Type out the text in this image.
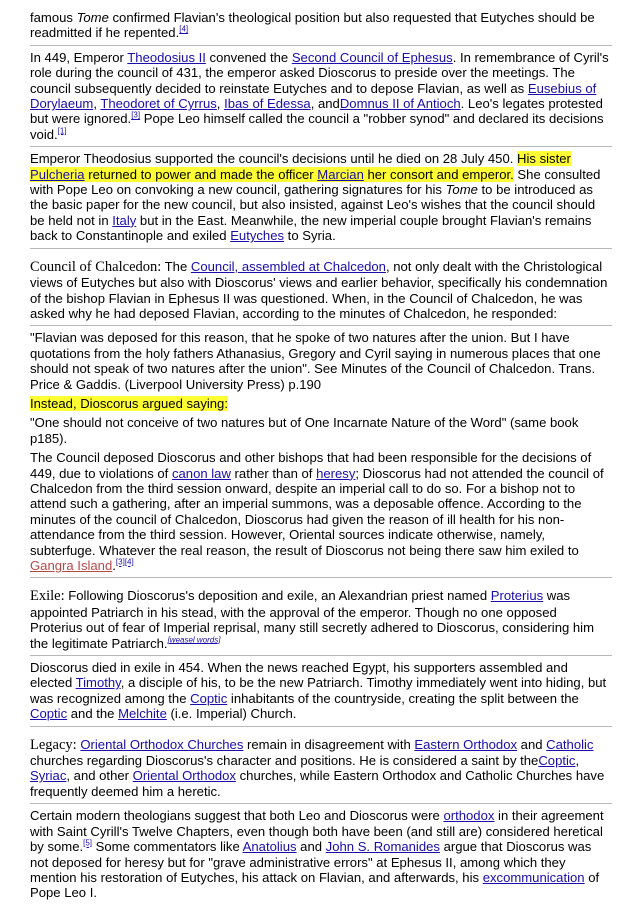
famous Tome confirmed Flavian's theological position but also requested that Eutyches should be readmitted if he repented.[4]

In 449, Emperor Theodosius II convened the Second Council of Ephesus. In remembrance of Cyril's role during the council of 431, the emperor asked Dioscorus to preside over the meetings. The council subsequently decided to reinstate Eutyches and to depose Flavian, as well as Eusebius of Dorylaeum, Theodoret of Cyrrus, Ibas of Edessa, andDomnus II of Antioch. Leo's legates protested but were ignored.[3] Pope Leo himself called the council a "robber synod" and declared its decisions void.[1]

Emperor Theodosius supported the council's decisions until he died on 28 July 450. His sister Pulcheria returned to power and made the officer Marcian her consort and emperor. She consulted with Pope Leo on convoking a new council, gathering signatures for his Tome to be introduced as the basic paper for the new council, but also insisted, against Leo's wishes that the council should be held not in Italy but in the East. Meanwhile, the new imperial couple brought Flavian's remains back to Constantinople and exiled Eutyches to Syria.

Council of Chalcedon: The Council, assembled at Chalcedon, not only dealt with the Christological views of Eutyches but also with Dioscorus' views and earlier behavior, specifically his condemnation of the bishop Flavian in Ephesus II was questioned. When, in the Council of Chalcedon, he was asked why he had deposed Flavian, according to the minutes of Chalcedon, he responded:

"Flavian was deposed for this reason, that he spoke of two natures after the union. But I have quotations from the holy fathers Athanasius, Gregory and Cyril saying in numerous places that one should not speak of two natures after the union". See Minutes of the Council of Chalcedon. Trans. Price & Gaddis. (Liverpool University Press) p.190

Instead, Dioscorus argued saying:

"One should not conceive of two natures but of One Incarnate Nature of the Word" (same book p185).

The Council deposed Dioscorus and other bishops that had been responsible for the decisions of 449, due to violations of canon law rather than of heresy; Dioscorus had not attended the council of Chalcedon from the third session onward, despite an imperial call to do so. For a bishop not to attend such a gathering, after an imperial summons, was a deposable offence. According to the minutes of the council of Chalcedon, Dioscorus had given the reason of ill health for his non-attendance from the third session. However, Oriental sources indicate otherwise, namely, subterfuge. Whatever the real reason, the result of Dioscorus not being there saw him exiled to Gangra Island.[3][4]

Exile: Following Dioscorus's deposition and exile, an Alexandrian priest named Proterius was appointed Patriarch in his stead, with the approval of the emperor. Though no one opposed Proterius out of fear of Imperial reprisal, many still secretly adhered to Dioscorus, considering him the legitimate Patriarch.[weasel words]

Dioscorus died in exile in 454. When the news reached Egypt, his supporters assembled and elected Timothy, a disciple of his, to be the new Patriarch. Timothy immediately went into hiding, but was recognized among the Coptic inhabitants of the countryside, creating the split between the Coptic and the Melchite (i.e. Imperial) Church.

Legacy: Oriental Orthodox Churches remain in disagreement with Eastern Orthodox and Catholic churches regarding Dioscorus's character and positions. He is considered a saint by theCoptic, Syriac, and other Oriental Orthodox churches, while Eastern Orthodox and Catholic Churches have frequently deemed him a heretic.

Certain modern theologians suggest that both Leo and Dioscorus were orthodox in their agreement with Saint Cyrill's Twelve Chapters, even though both have been (and still are) considered heretical by some.[5] Some commentators like Anatolius and John S. Romanides argue that Dioscorus was not deposed for heresy but for "grave administrative errors" at Ephesus II, among which they mention his restoration of Eutyches, his attack on Flavian, and afterwards, his excommunication of Pope Leo I.
